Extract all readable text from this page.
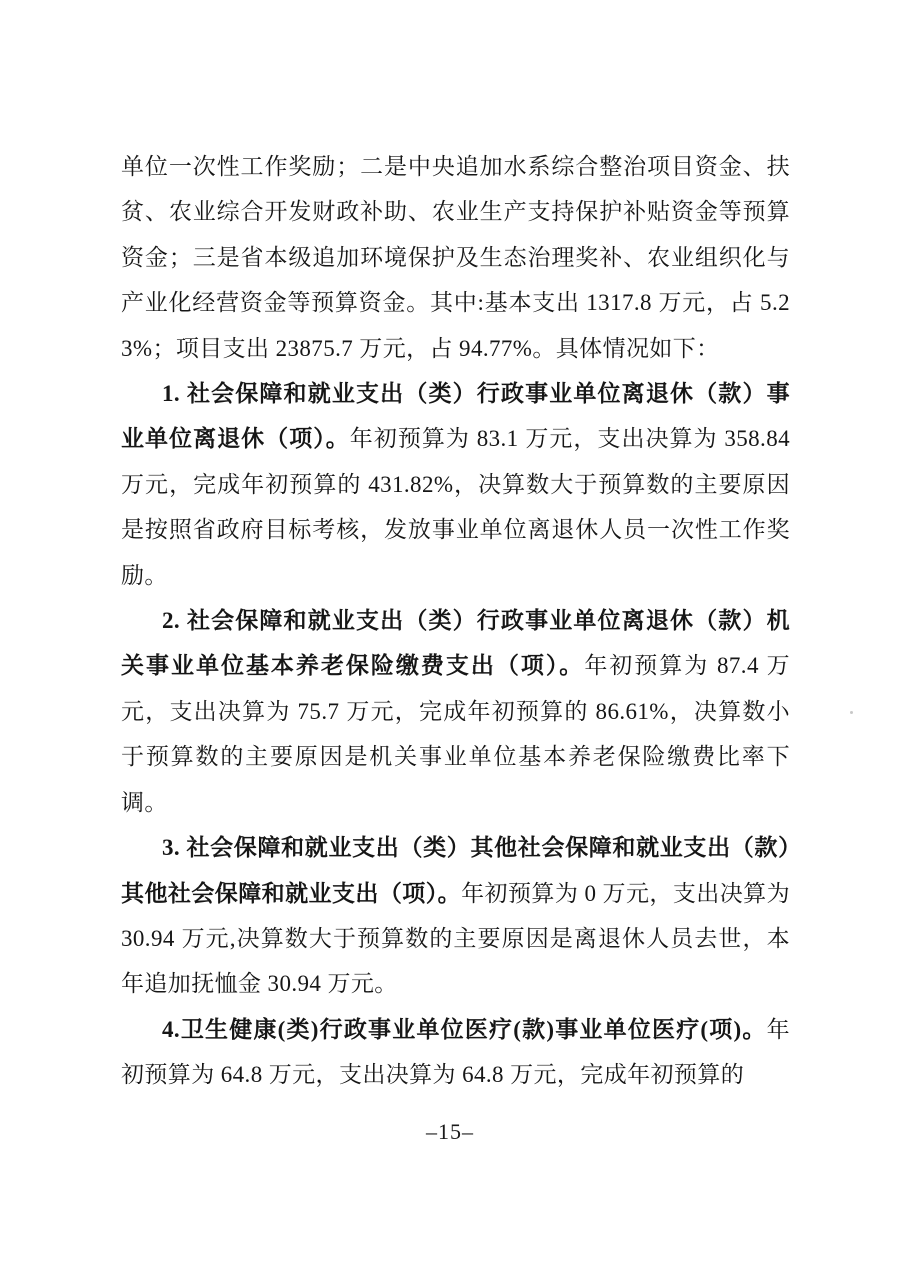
单位一次性工作奖励；二是中央追加水系综合整治项目资金、扶贫、农业综合开发财政补助、农业生产支持保护补贴资金等预算资金；三是省本级追加环境保护及生态治理奖补、农业组织化与产业化经营资金等预算资金。其中:基本支出 1317.8 万元，占 5.23%；项目支出 23875.7 万元，占 94.77%。具体情况如下：

1. 社会保障和就业支出（类）行政事业单位离退休（款）事业单位离退休（项）。年初预算为 83.1 万元，支出决算为 358.84 万元，完成年初预算的 431.82%，决算数大于预算数的主要原因是按照省政府目标考核，发放事业单位离退休人员一次性工作奖励。

2. 社会保障和就业支出（类）行政事业单位离退休（款）机关事业单位基本养老保险缴费支出（项）。年初预算为 87.4 万元，支出决算为 75.7 万元，完成年初预算的 86.61%，决算数小于预算数的主要原因是机关事业单位基本养老保险缴费比率下调。

3. 社会保障和就业支出（类）其他社会保障和就业支出（款）其他社会保障和就业支出（项）。年初预算为 0 万元，支出决算为 30.94 万元,决算数大于预算数的主要原因是离退休人员去世，本年追加抚恤金 30.94 万元。

4.卫生健康(类)行政事业单位医疗(款)事业单位医疗(项)。年初预算为 64.8 万元，支出决算为 64.8 万元，完成年初预算的

–15–
